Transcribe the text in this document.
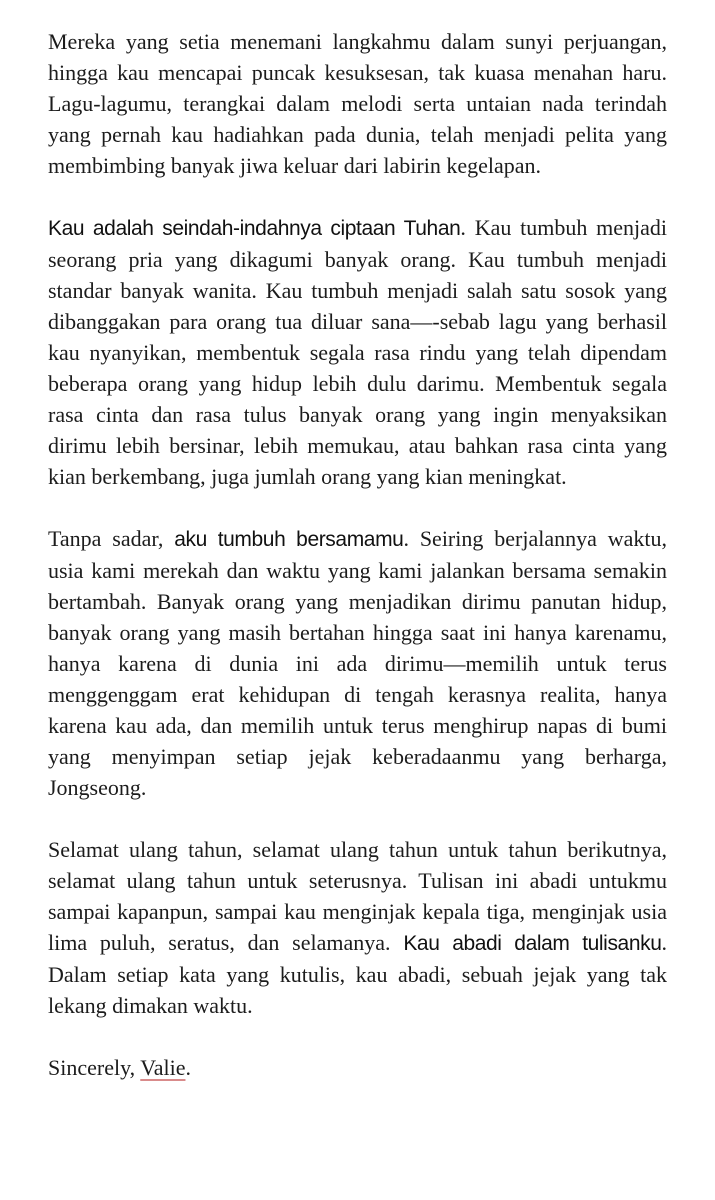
Mereka yang setia menemani langkahmu dalam sunyi perjuangan, hingga kau mencapai puncak kesuksesan, tak kuasa menahan haru. Lagu-lagumu, terangkai dalam melodi serta untaian nada terindah yang pernah kau hadiahkan pada dunia, telah menjadi pelita yang membimbing banyak jiwa keluar dari labirin kegelapan.

Kau adalah seindah-indahnya ciptaan Tuhan. Kau tumbuh menjadi seorang pria yang dikagumi banyak orang. Kau tumbuh menjadi standar banyak wanita. Kau tumbuh menjadi salah satu sosok yang dibanggakan para orang tua diluar sana—-sebab lagu yang berhasil kau nyanyikan, membentuk segala rasa rindu yang telah dipendam beberapa orang yang hidup lebih dulu darimu. Membentuk segala rasa cinta dan rasa tulus banyak orang yang ingin menyaksikan dirimu lebih bersinar, lebih memukau, atau bahkan rasa cinta yang kian berkembang, juga jumlah orang yang kian meningkat.

Tanpa sadar, aku tumbuh bersamamu. Seiring berjalannya waktu, usia kami merekah dan waktu yang kami jalankan bersama semakin bertambah. Banyak orang yang menjadikan dirimu panutan hidup, banyak orang yang masih bertahan hingga saat ini hanya karenamu, hanya karena di dunia ini ada dirimu—memilih untuk terus menggenggam erat kehidupan di tengah kerasnya realita, hanya karena kau ada, dan memilih untuk terus menghirup napas di bumi yang menyimpan setiap jejak keberadaanmu yang berharga, Jongseong.

Selamat ulang tahun, selamat ulang tahun untuk tahun berikutnya, selamat ulang tahun untuk seterusnya. Tulisan ini abadi untukmu sampai kapanpun, sampai kau menginjak kepala tiga, menginjak usia lima puluh, seratus, dan selamanya. Kau abadi dalam tulisanku. Dalam setiap kata yang kutulis, kau abadi, sebuah jejak yang tak lekang dimakan waktu.

Sincerely, Valie.
